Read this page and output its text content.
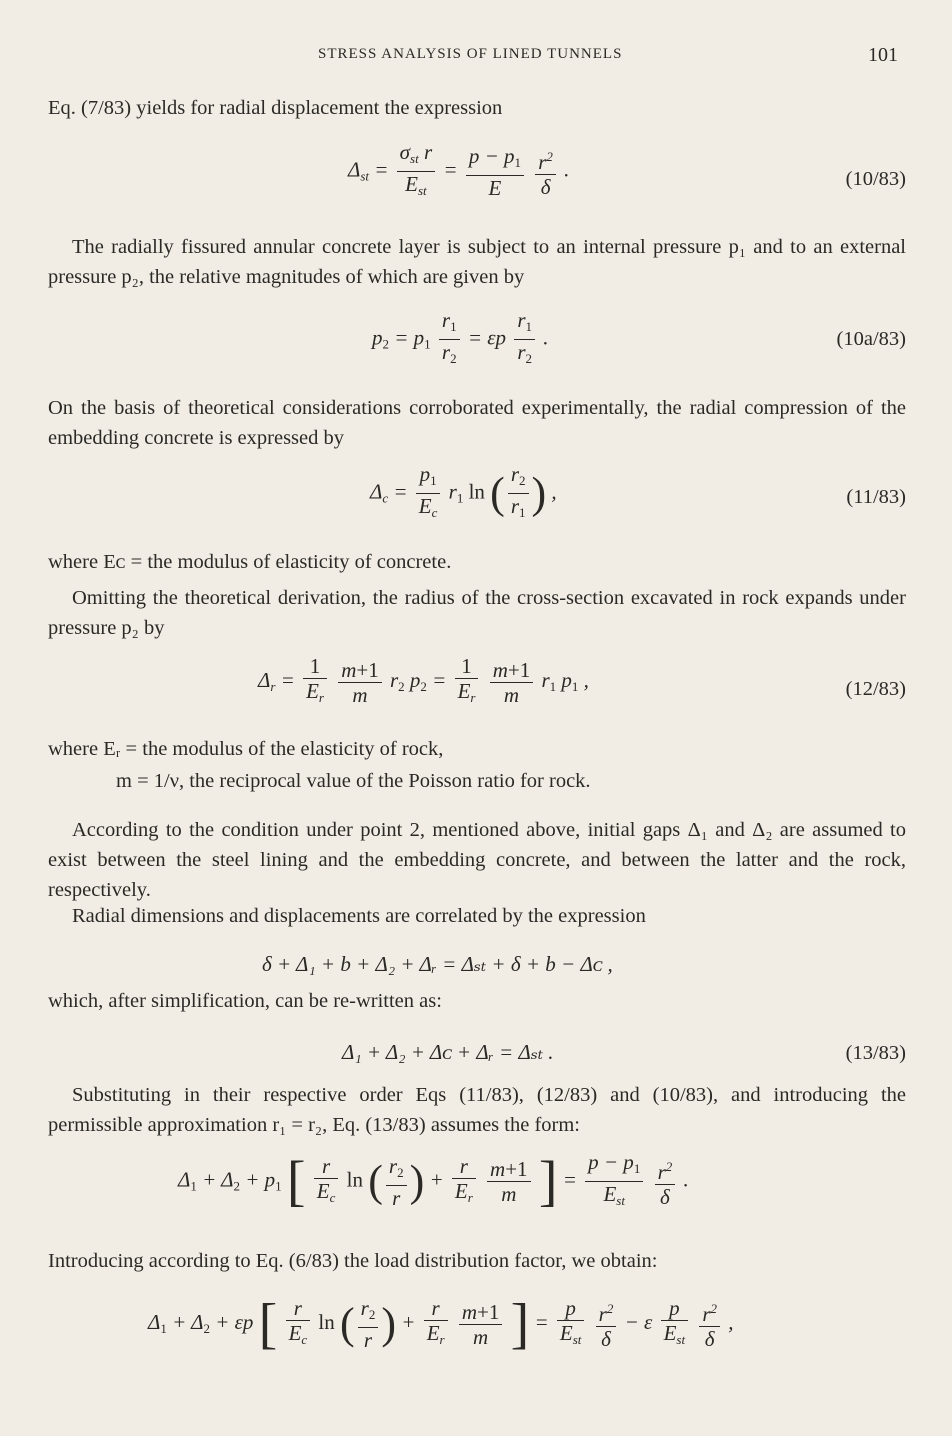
STRESS ANALYSIS OF LINED TUNNELS	101
Eq. (7/83) yields for radial displacement the expression
$\Delta_{st} = \frac{\sigma_{st} r}{E_{st}} = \frac{p - p_1}{E}$
$\frac{r^2}{\delta}$ .	(10/83)
The radially fissured annular concrete layer is subject to an internal pressure p₁ and to an external pressure p₂, the relative magnitudes of which are given by
$p_2 = p_1 \frac{r_1}{r_2} = \varepsilon p \frac{r_1}{r_2}$ .	(10a/83)
On the basis of theoretical considerations corroborated experimentally, the radial compression of the embedding concrete is expressed by
$\Delta_c = \frac{p_1}{E_c} r_1$ ln ( $\frac{r_2}{r_1}$ ) ,	(11/83)
where Eᴄ = the modulus of elasticity of concrete.
Omitting the theoretical derivation, the radius of the cross-section excavated in rock expands under pressure p₂ by
$\Delta_r = \frac{1}{E_r}$
$\frac{m+1}{m} r_2$ $p_2 = \frac{1}{E_r}$
$\frac{m+1}{m} r_1$ $p_1$ ,	(12/83)
where Eᵣ = the modulus of the elasticity of rock,
m = 1/ν, the reciprocal value of the Poisson ratio for rock.
According to the condition under point 2, mentioned above, initial gaps Δ₁ and Δ₂ are assumed to exist between the steel lining and the embedding concrete, and between the latter and the rock, respectively.
Radial dimensions and displacements are correlated by the expression
δ + Δ₁ + b + Δ₂ + Δᵣ = Δₛₜ + δ + b − Δᴄ ,
which, after simplification, can be re-written as:
Δ₁ + Δ₂ + Δᴄ + Δᵣ = Δₛₜ .	(13/83)
Substituting in their respective order Eqs (11/83), (12/83) and (10/83), and introducing the permissible approximation r₁ = r₂, Eq. (13/83) assumes the form:
$\Delta_1 + \Delta_2 + p_1$ [ $\frac{r}{E_c}$ ln ( $\frac{r_2}{r}$ ) + $\frac{r}{E_r}$
$\frac{m+1}{m}$ ] = $\frac{p - p_1}{E_{st}}$
$\frac{r^2}{\delta}$ .
Introducing according to Eq. (6/83) the load distribution factor, we obtain:
$\Delta_1 + \Delta_2 + \varepsilon p$ [ $\frac{r}{E_c}$ ln ( $\frac{r_2}{r}$ ) + $\frac{r}{E_r}$
$\frac{m+1}{m}$ ] = $\frac{p}{E_{st}}$
$\frac{r^2}{\delta} - \varepsilon \frac{p}{E_{st}}$
$\frac{r^2}{\delta}$ ,
